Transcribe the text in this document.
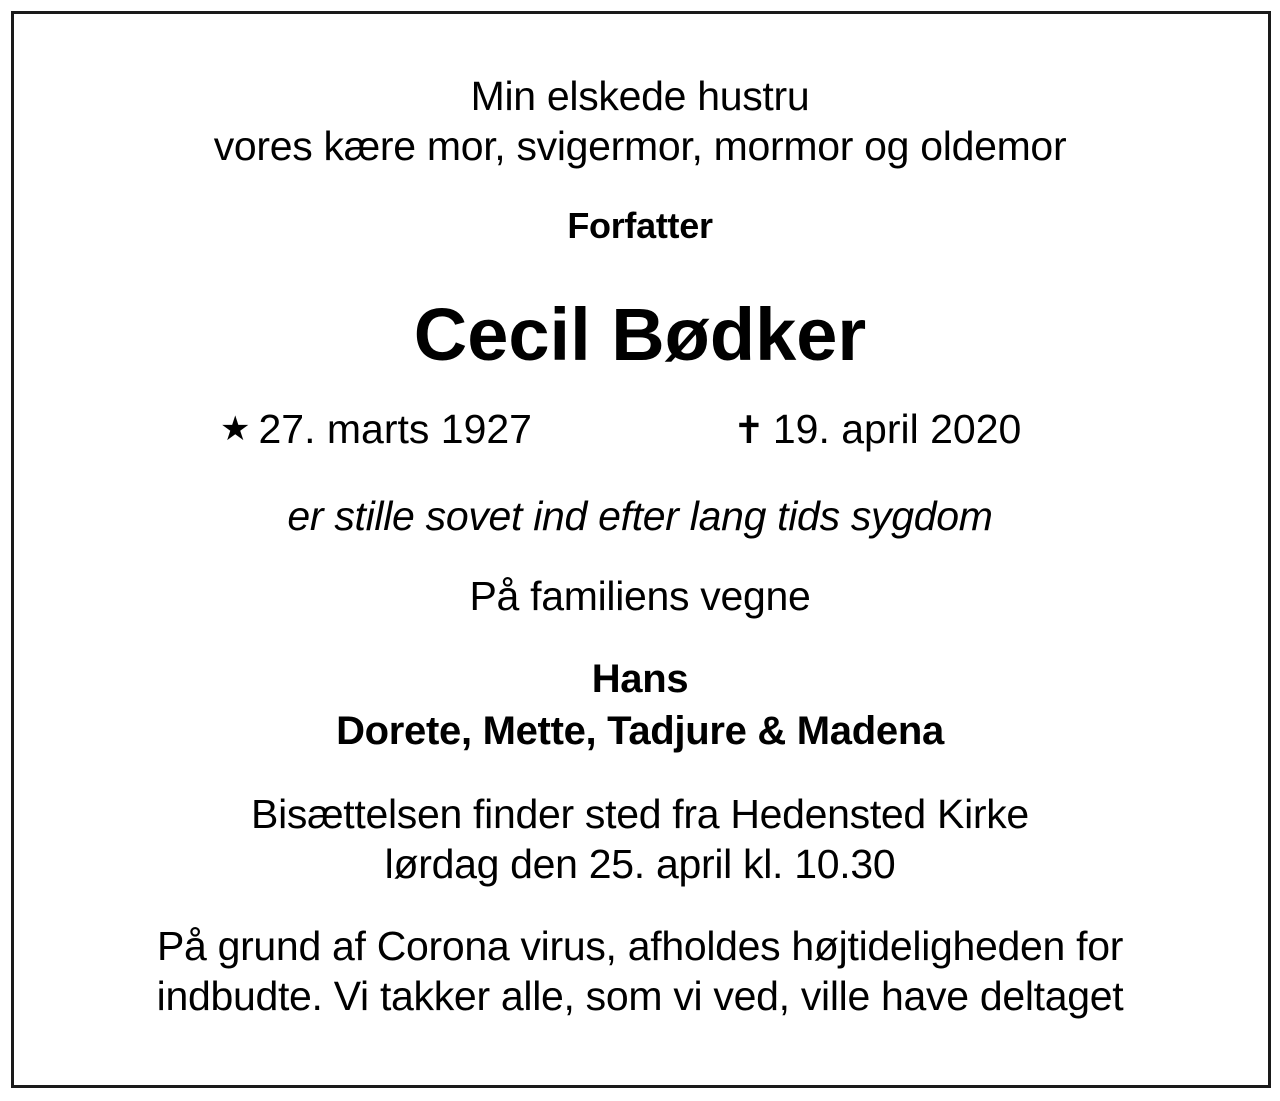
Min elskede hustru
vores kære mor, svigermor, mormor og oldemor
Forfatter
Cecil Bødker
★ 27. marts 1927	✝ 19. april 2020
er stille sovet ind efter lang tids sygdom
På familiens vegne
Hans
Dorete, Mette, Tadjure & Madena
Bisættelsen finder sted fra Hedensted Kirke
lørdag den 25. april kl. 10.30
På grund af Corona virus, afholdes højtideligheden for
indbudte. Vi takker alle, som vi ved, ville have deltaget
